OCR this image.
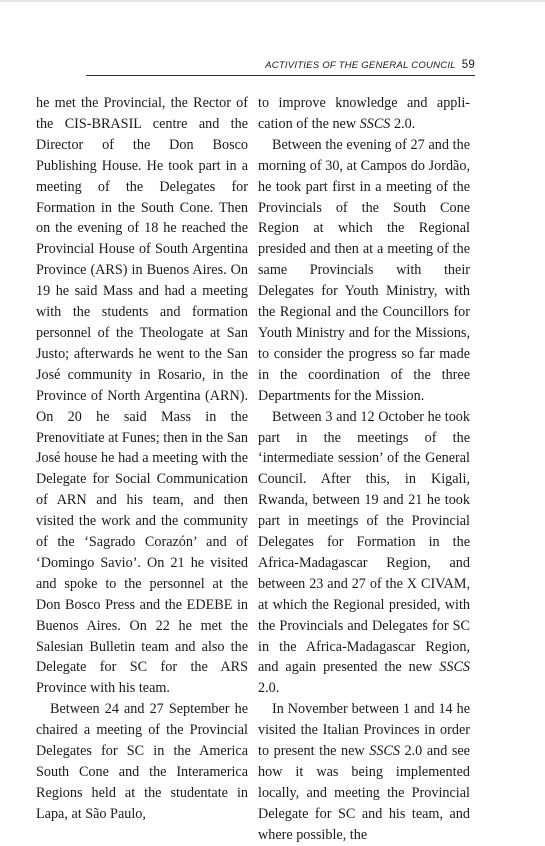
ACTIVITIES OF THE GENERAL COUNCIL 59

he met the Provincial, the Rector of the CIS-BRASIL centre and the Director of the Don Bosco Publishing House. He took part in a meeting of the Delegates for Formation in the South Cone. Then on the evening of 18 he reached the Provincial House of South Argentina Province (ARS) in Buenos Aires. On 19 he said Mass and had a meeting with the students and formation personnel of the Theologate at San Justo; afterwards he went to the San José community in Rosario, in the Province of North Argentina (ARN). On 20 he said Mass in the Prenovitiate at Funes; then in the San José house he had a meeting with the Delegate for Social Communication of ARN and his team, and then visited the work and the community of the ‘Sagrado Corazón’ and of ‘Domingo Savio’. On 21 he visited and spoke to the personnel at the Don Bosco Press and the EDEBE in Buenos Aires. On 22 he met the Salesian Bulletin team and also the Delegate for SC for the ARS Province with his team.

Between 24 and 27 September he chaired a meeting of the Provincial Delegates for SC in the America South Cone and the Interamerica Regions held at the studentate in Lapa, at São Paulo,

to improve knowledge and application of the new SSCS 2.0.

Between the evening of 27 and the morning of 30, at Campos do Jordão, he took part first in a meeting of the Provincials of the South Cone Region at which the Regional presided and then at a meeting of the same Provincials with their Delegates for Youth Ministry, with the Regional and the Councillors for Youth Ministry and for the Missions, to consider the progress so far made in the coordination of the three Departments for the Mission.

Between 3 and 12 October he took part in the meetings of the ‘intermediate session’ of the General Council. After this, in Kigali, Rwanda, between 19 and 21 he took part in meetings of the Provincial Delegates for Formation in the Africa-Madagascar Region, and between 23 and 27 of the X CIVAM, at which the Regional presided, with the Provincials and Delegates for SC in the Africa-Madagascar Region, and again presented the new SSCS 2.0.

In November between 1 and 14 he visited the Italian Provinces in order to present the new SSCS 2.0 and see how it was being implemented locally, and meeting the Provincial Delegate for SC and his team, and where possible, the
